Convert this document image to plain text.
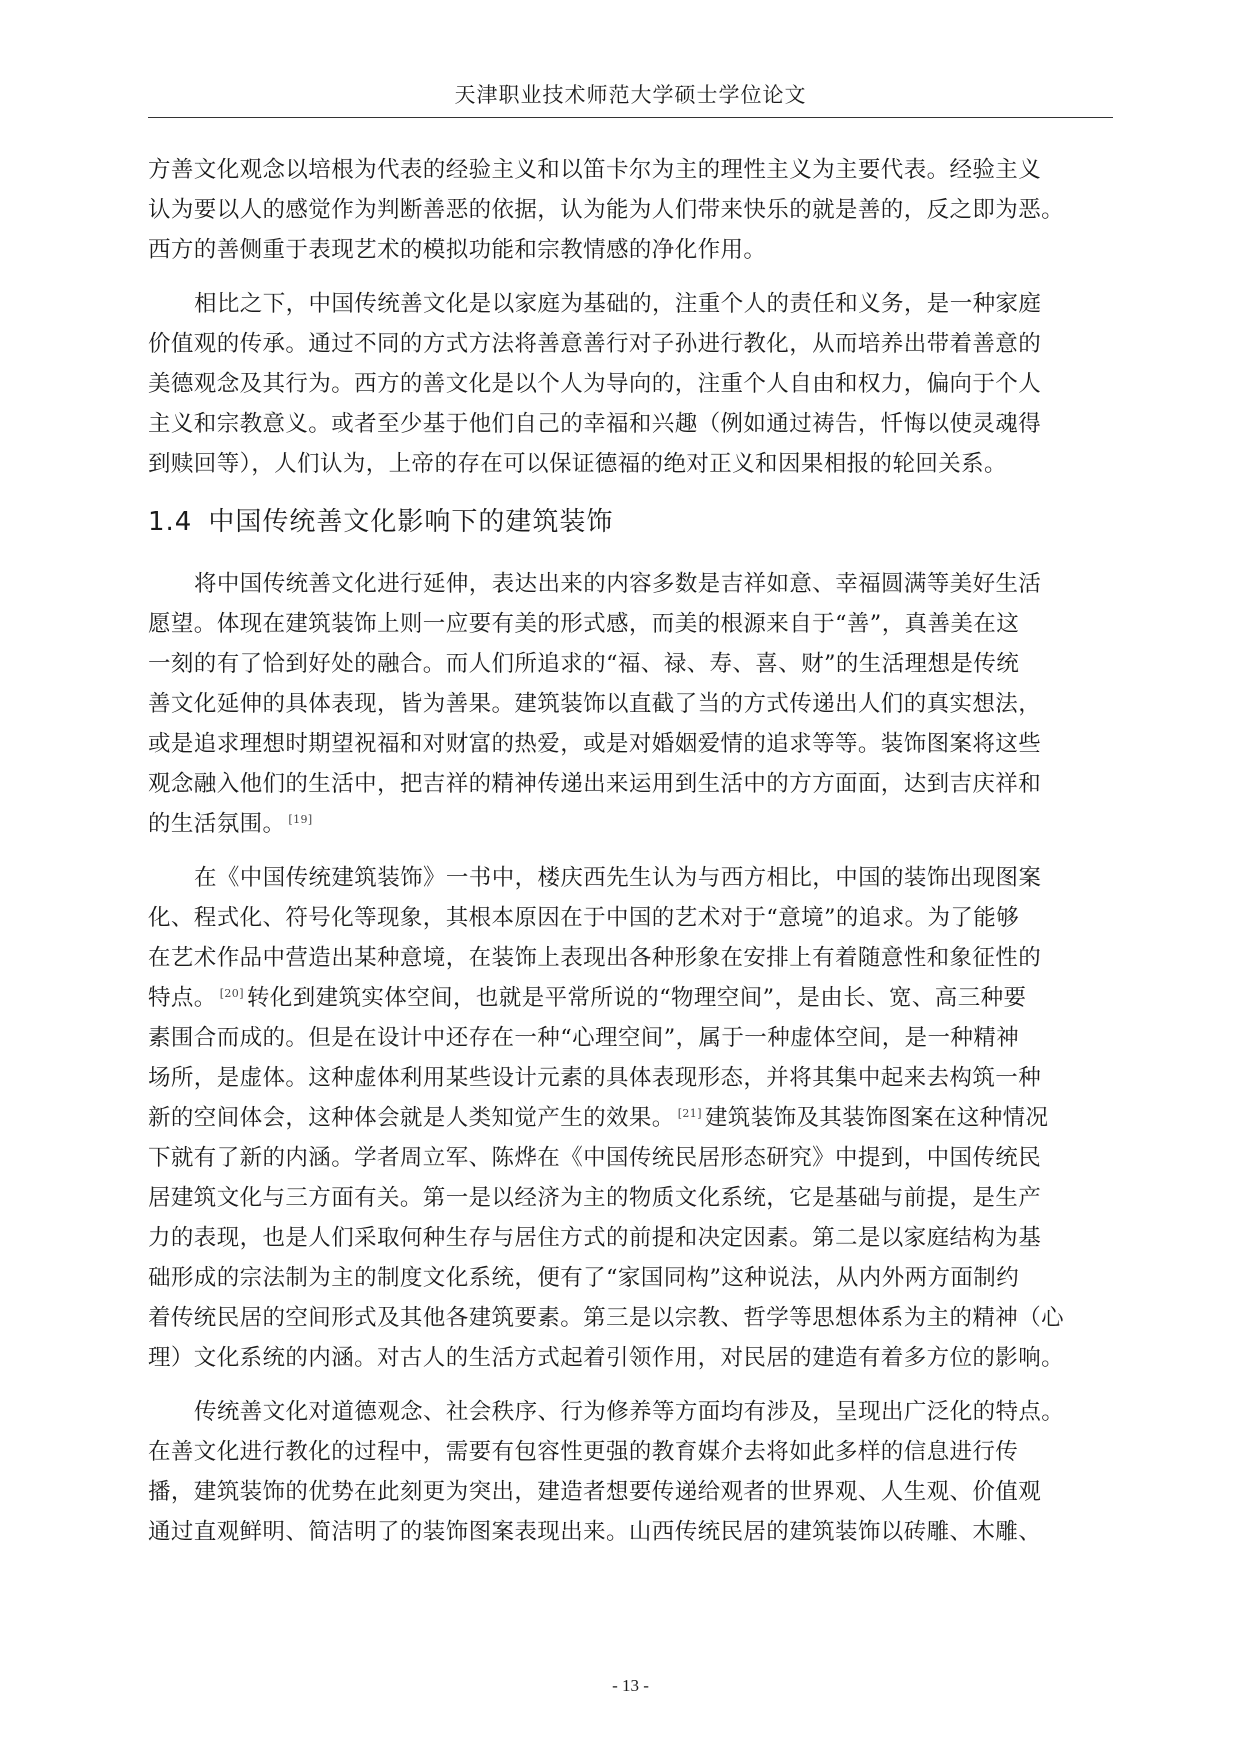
天津职业技术师范大学硕士学位论文

方善文化观念以培根为代表的经验主义和以笛卡尔为主的理性主义为主要代表。经验主义
认为要以人的感觉作为判断善恶的依据，认为能为人们带来快乐的就是善的，反之即为恶。
西方的善侧重于表现艺术的模拟功能和宗教情感的净化作用。

相比之下，中国传统善文化是以家庭为基础的，注重个人的责任和义务，是一种家庭
价值观的传承。通过不同的方式方法将善意善行对子孙进行教化，从而培养出带着善意的
美德观念及其行为。西方的善文化是以个人为导向的，注重个人自由和权力，偏向于个人
主义和宗教意义。或者至少基于他们自己的幸福和兴趣（例如通过祷告，忏悔以使灵魂得
到赎回等），人们认为，上帝的存在可以保证德福的绝对正义和因果相报的轮回关系。

1.4 中国传统善文化影响下的建筑装饰

将中国传统善文化进行延伸，表达出来的内容多数是吉祥如意、幸福圆满等美好生活
愿望。体现在建筑装饰上则一应要有美的形式感，而美的根源来自于“善”，真善美在这
一刻的有了恰到好处的融合。而人们所追求的“福、禄、寿、喜、财”的生活理想是传统
善文化延伸的具体表现，皆为善果。建筑装饰以直截了当的方式传递出人们的真实想法，
或是追求理想时期望祝福和对财富的热爱，或是对婚姻爱情的追求等等。装饰图案将这些
观念融入他们的生活中，把吉祥的精神传递出来运用到生活中的方方面面，达到吉庆祥和
的生活氛围。 [19]

在《中国传统建筑装饰》一书中，楼庆西先生认为与西方相比，中国的装饰出现图案
化、程式化、符号化等现象，其根本原因在于中国的艺术对于“意境”的追求。为了能够
在艺术作品中营造出某种意境，在装饰上表现出各种形象在安排上有着随意性和象征性的
特点。 [20] 转化到建筑实体空间，也就是平常所说的“物理空间”，是由长、宽、高三种要
素围合而成的。但是在设计中还存在一种“心理空间”，属于一种虚体空间，是一种精神
场所，是虚体。这种虚体利用某些设计元素的具体表现形态，并将其集中起来去构筑一种
新的空间体会，这种体会就是人类知觉产生的效果。 [21] 建筑装饰及其装饰图案在这种情况
下就有了新的内涵。学者周立军、陈烨在《中国传统民居形态研究》中提到，中国传统民
居建筑文化与三方面有关。第一是以经济为主的物质文化系统，它是基础与前提，是生产
力的表现，也是人们采取何种生存与居住方式的前提和决定因素。第二是以家庭结构为基
础形成的宗法制为主的制度文化系统，便有了“家国同构”这种说法，从内外两方面制约
着传统民居的空间形式及其他各建筑要素。第三是以宗教、哲学等思想体系为主的精神（心
理）文化系统的内涵。对古人的生活方式起着引领作用，对民居的建造有着多方位的影响。

传统善文化对道德观念、社会秩序、行为修养等方面均有涉及，呈现出广泛化的特点。
在善文化进行教化的过程中，需要有包容性更强的教育媒介去将如此多样的信息进行传
播，建筑装饰的优势在此刻更为突出，建造者想要传递给观者的世界观、人生观、价值观
通过直观鲜明、简洁明了的装饰图案表现出来。山西传统民居的建筑装饰以砖雕、木雕、

- 13 -
